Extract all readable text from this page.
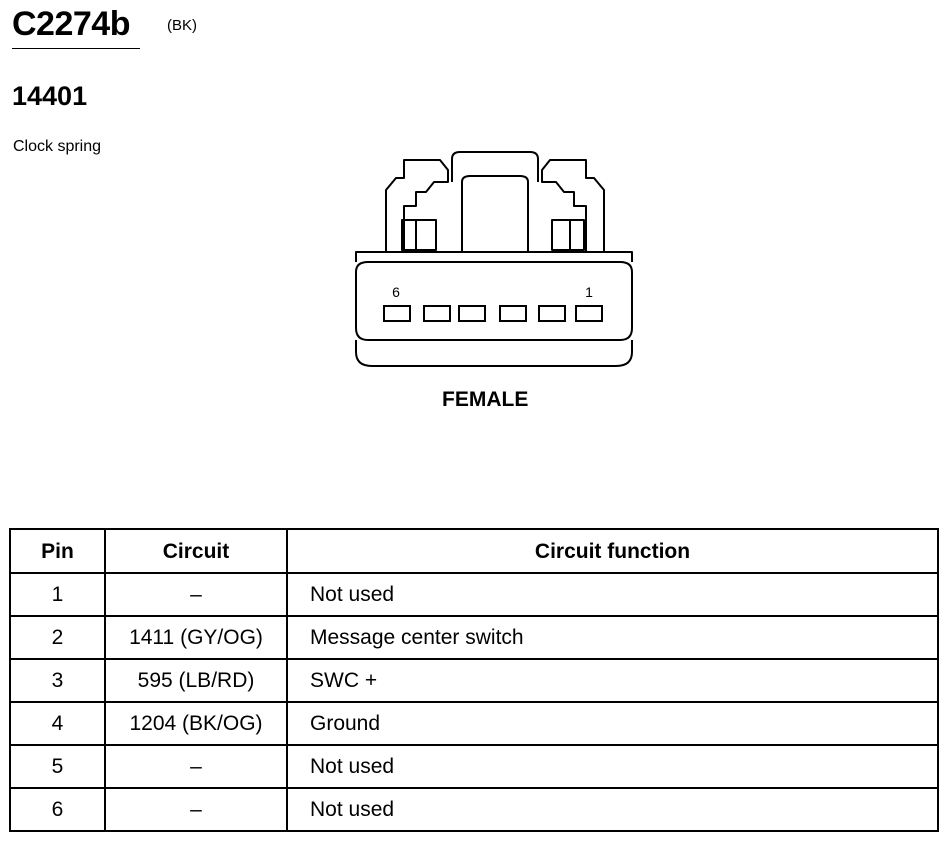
C2274b (BK)
14401
Clock spring
6	1
FEMALE
Pin	Circuit	Circuit function
1	–	Not used
2	1411 (GY/OG)	Message center switch
3	595 (LB/RD)	SWC +
4	1204 (BK/OG)	Ground
5	–	Not used
6	–	Not used
